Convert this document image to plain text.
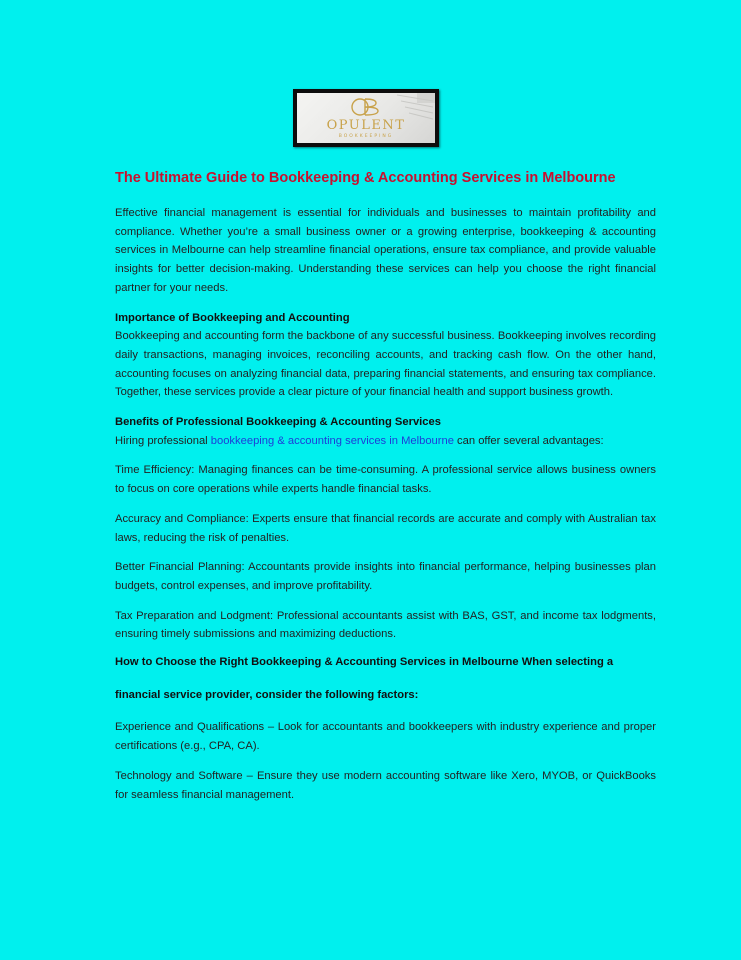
OPULENT
BOOKKEEPING
The Ultimate Guide to Bookkeeping & Accounting Services in Melbourne

Effective financial management is essential for individuals and businesses to maintain profitability and compliance. Whether you’re a small business owner or a growing enterprise, bookkeeping & accounting services in Melbourne can help streamline financial operations, ensure tax compliance, and provide valuable insights for better decision-making. Understanding these services can help you choose the right financial partner for your needs.

Importance of Bookkeeping and Accounting

Bookkeeping and accounting form the backbone of any successful business. Bookkeeping involves recording daily transactions, managing invoices, reconciling accounts, and tracking cash flow. On the other hand, accounting focuses on analyzing financial data, preparing financial statements, and ensuring tax compliance. Together, these services provide a clear picture of your financial health and support business growth.

Benefits of Professional Bookkeeping & Accounting Services

Hiring professional bookkeeping & accounting services in Melbourne can offer several advantages:

Time Efficiency: Managing finances can be time-consuming. A professional service allows business owners to focus on core operations while experts handle financial tasks.

Accuracy and Compliance: Experts ensure that financial records are accurate and comply with Australian tax laws, reducing the risk of penalties.

Better Financial Planning: Accountants provide insights into financial performance, helping businesses plan budgets, control expenses, and improve profitability.

Tax Preparation and Lodgment: Professional accountants assist with BAS, GST, and income tax lodgments, ensuring timely submissions and maximizing deductions.

How to Choose the Right Bookkeeping & Accounting Services in Melbourne When selecting a
financial service provider, consider the following factors:

Experience and Qualifications – Look for accountants and bookkeepers with industry experience and proper certifications (e.g., CPA, CA).

Technology and Software – Ensure they use modern accounting software like Xero, MYOB, or QuickBooks for seamless financial management.
